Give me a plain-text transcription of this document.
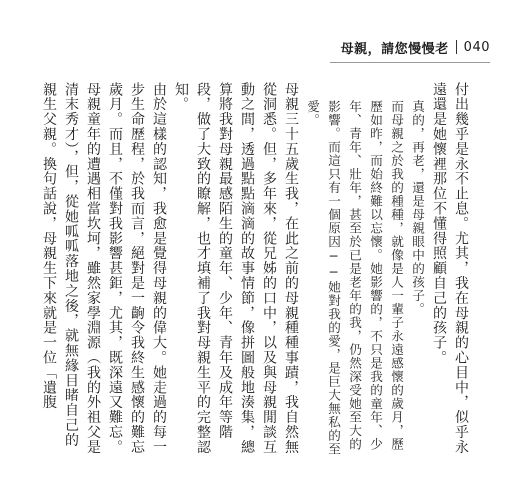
母親，請您慢慢老 040

付出幾乎是永不止息。尤其，我在母親的心目中，似乎永遠還是她懷裡那位不懂得照顧自己的孩子。

真的，再老，還是母親眼中的孩子。

而母親之於我的種種，就像是人一輩子永遠感懷的歲月，歷歷如昨，而始終難以忘懷。她影響的，不只是我的童年、少年、青年、壯年，甚至於已是老年的我，仍然深受她至大的影響。而這只有一個原因──她對我的愛，是巨大無私的至愛。

母親三十五歲生我，在此之前的母親種種事蹟，我自然無從洞悉。但，多年來，從兄姊的口中，以及與母親閒談互動之間，透過點點滴滴的故事情節，像拼圖般地湊集，總算將我對母親最感陌生的童年、少年、青年及成年等階段，做了大致的瞭解，也才填補了我對母親生平的完整認知。

由於這樣的認知，我愈是覺得母親的偉大。她走過的每一步生命歷程，於我而言，絕對是一齣令我終生感懷的難忘歲月。而且，不僅對我影響甚鉅，尤其，既深遠又難忘。

母親童年的遭遇相當坎坷，雖然家學淵源（我的外祖父是清末秀才），但，從她呱呱落地之後，就無緣目睹自己的親生父親。換句話說，母親生下來就是一位「遺腹
